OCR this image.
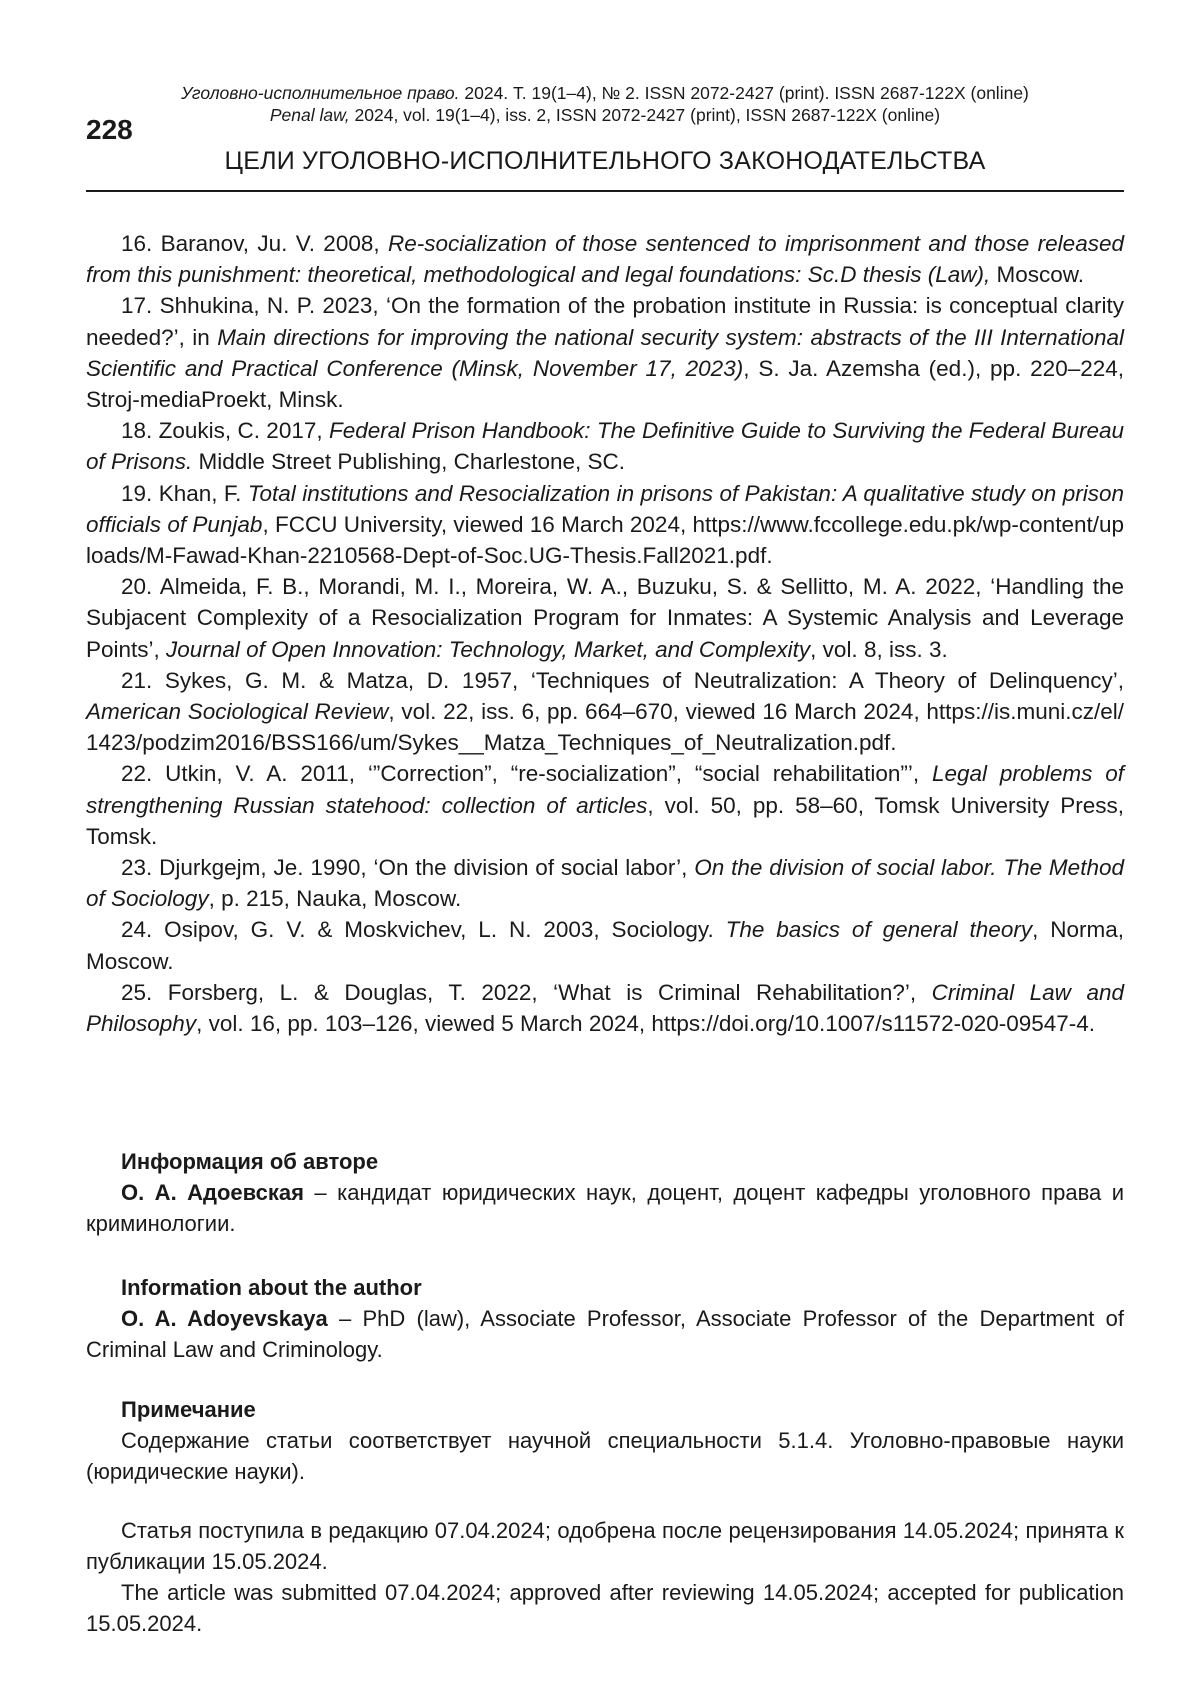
Уголовно-исполнительное право. 2024. Т. 19(1–4), № 2. ISSN 2072-2427 (print). ISSN 2687-122X (online)
Penal law, 2024, vol. 19(1–4), iss. 2, ISSN 2072-2427 (print), ISSN 2687-122X (online)
228
ЦЕЛИ УГОЛОВНО-ИСПОЛНИТЕЛЬНОГО ЗАКОНОДАТЕЛЬСТВА

16. Baranov, Ju. V. 2008, Re-socialization of those sentenced to imprisonment and those released from this punishment: theoretical, methodological and legal foundations: Sc.D thesis (Law), Moscow.

17. Shhukina, N. P. 2023, ‘On the formation of the probation institute in Russia: is conceptual clarity needed?’, in Main directions for improving the national security system: abstracts of the III International Scientific and Practical Conference (Minsk, November 17, 2023), S. Ja. Azemsha (ed.), pp. 220–224, Stroj-mediaProekt, Minsk.

18. Zoukis, C. 2017, Federal Prison Handbook: The Definitive Guide to Surviving the Federal Bureau of Prisons. Middle Street Publishing, Charlestone, SC.

19. Khan, F. Total institutions and Resocialization in prisons of Pakistan: A qualitative study on prison officials of Punjab, FCCU University, viewed 16 March 2024, https://www.fccollege.edu.pk/wp-content/uploads/M-Fawad-Khan-2210568-Dept-of-Soc.UG-Thesis.Fall2021.pdf.

20. Almeida, F. B., Morandi, M. I., Moreira, W. A., Buzuku, S. & Sellitto, M. A. 2022, ‘Handling the Subjacent Complexity of a Resocialization Program for Inmates: A Systemic Analysis and Leverage Points’, Journal of Open Innovation: Technology, Market, and Complexity, vol. 8, iss. 3.

21. Sykes, G. M. & Matza, D. 1957, ‘Techniques of Neutralization: A Theory of Delinquency’, American Sociological Review, vol. 22, iss. 6, pp. 664–670, viewed 16 March 2024, https://is.muni.cz/el/1423/podzim2016/BSS166/um/Sykes__Matza_Techniques_of_Neutralization.pdf.

22. Utkin, V. A. 2011, ‘”Correction”, “re-socialization”, “social rehabilitation”’, Legal problems of strengthening Russian statehood: collection of articles, vol. 50, pp. 58–60, Tomsk University Press, Tomsk.

23. Djurkgejm, Je. 1990, ‘On the division of social labor’, On the division of social labor. The Method of Sociology, p. 215, Nauka, Moscow.

24. Osipov, G. V. & Moskvichev, L. N. 2003, Sociology. The basics of general theory, Norma, Moscow.

25. Forsberg, L. & Douglas, T. 2022, ‘What is Criminal Rehabilitation?’, Criminal Law and Philosophy, vol. 16, pp. 103–126, viewed 5 March 2024, https://doi.org/10.1007/s11572-020-09547-4.

Информация об авторе

О. А. Адоевская – кандидат юридических наук, доцент, доцент кафедры уголовного права и криминологии.

Information about the author

O. A. Adoyevskaya – PhD (law), Associate Professor, Associate Professor of the Department of Criminal Law and Criminology.

Примечание

Содержание статьи соответствует научной специальности 5.1.4. Уголовно-правовые науки (юридические науки).

Статья поступила в редакцию 07.04.2024; одобрена после рецензирования 14.05.2024; принята к публикации 15.05.2024.

The article was submitted 07.04.2024; approved after reviewing 14.05.2024; accepted for publication 15.05.2024.
